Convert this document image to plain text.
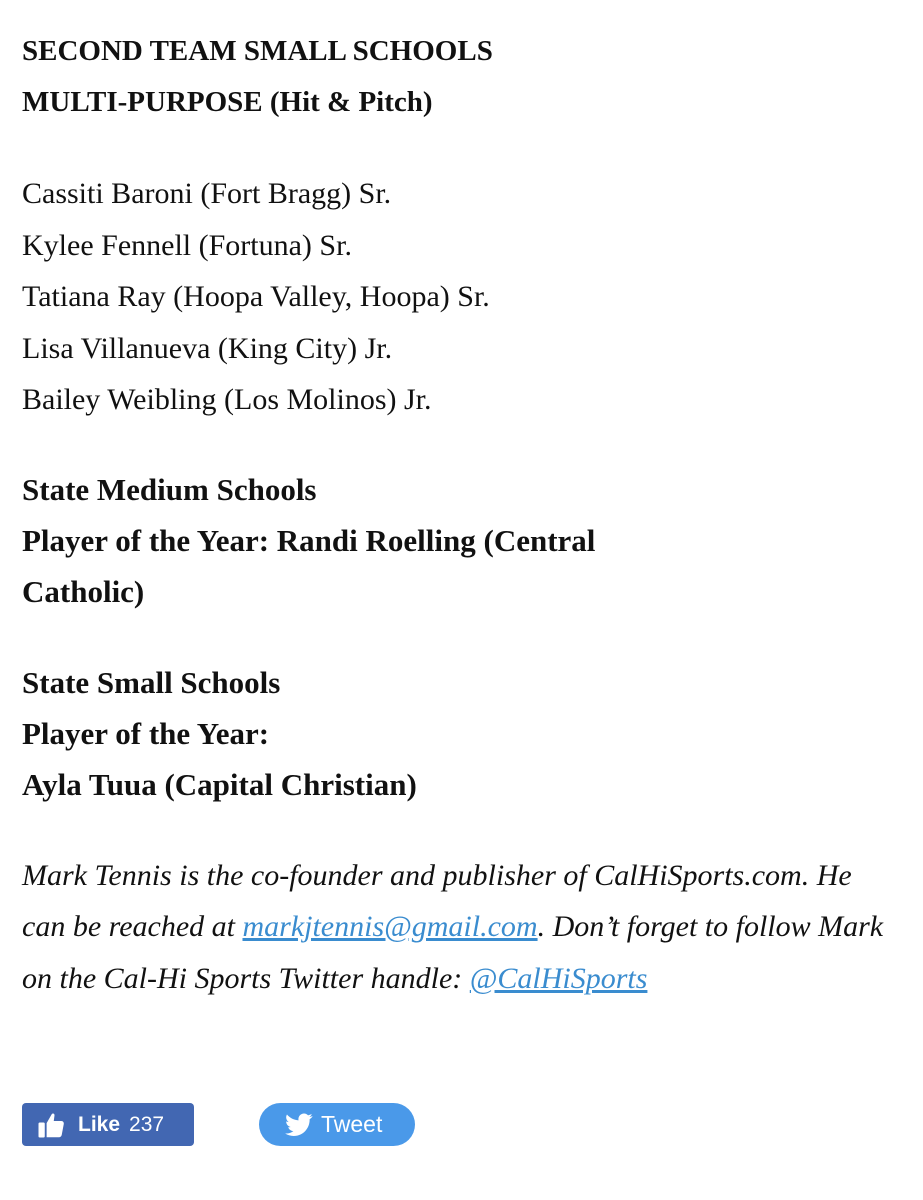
SECOND TEAM SMALL SCHOOLS

MULTI-PURPOSE (Hit & Pitch)

Cassiti Baroni (Fort Bragg) Sr.
Kylee Fennell (Fortuna) Sr.
Tatiana Ray (Hoopa Valley, Hoopa) Sr.
Lisa Villanueva (King City) Jr.
Bailey Weibling (Los Molinos) Jr.

State Medium Schools

Player of the Year: Randi Roelling (Central

Catholic)

State Small Schools

Player of the Year:

Ayla Tuua (Capital Christian)

Mark Tennis is the co-founder and publisher of CalHiSports.com. He can be reached at markjtennis@gmail.com. Don’t forget to follow Mark on the Cal-Hi Sports Twitter handle: @CalHiSports

Like 237	Tweet
